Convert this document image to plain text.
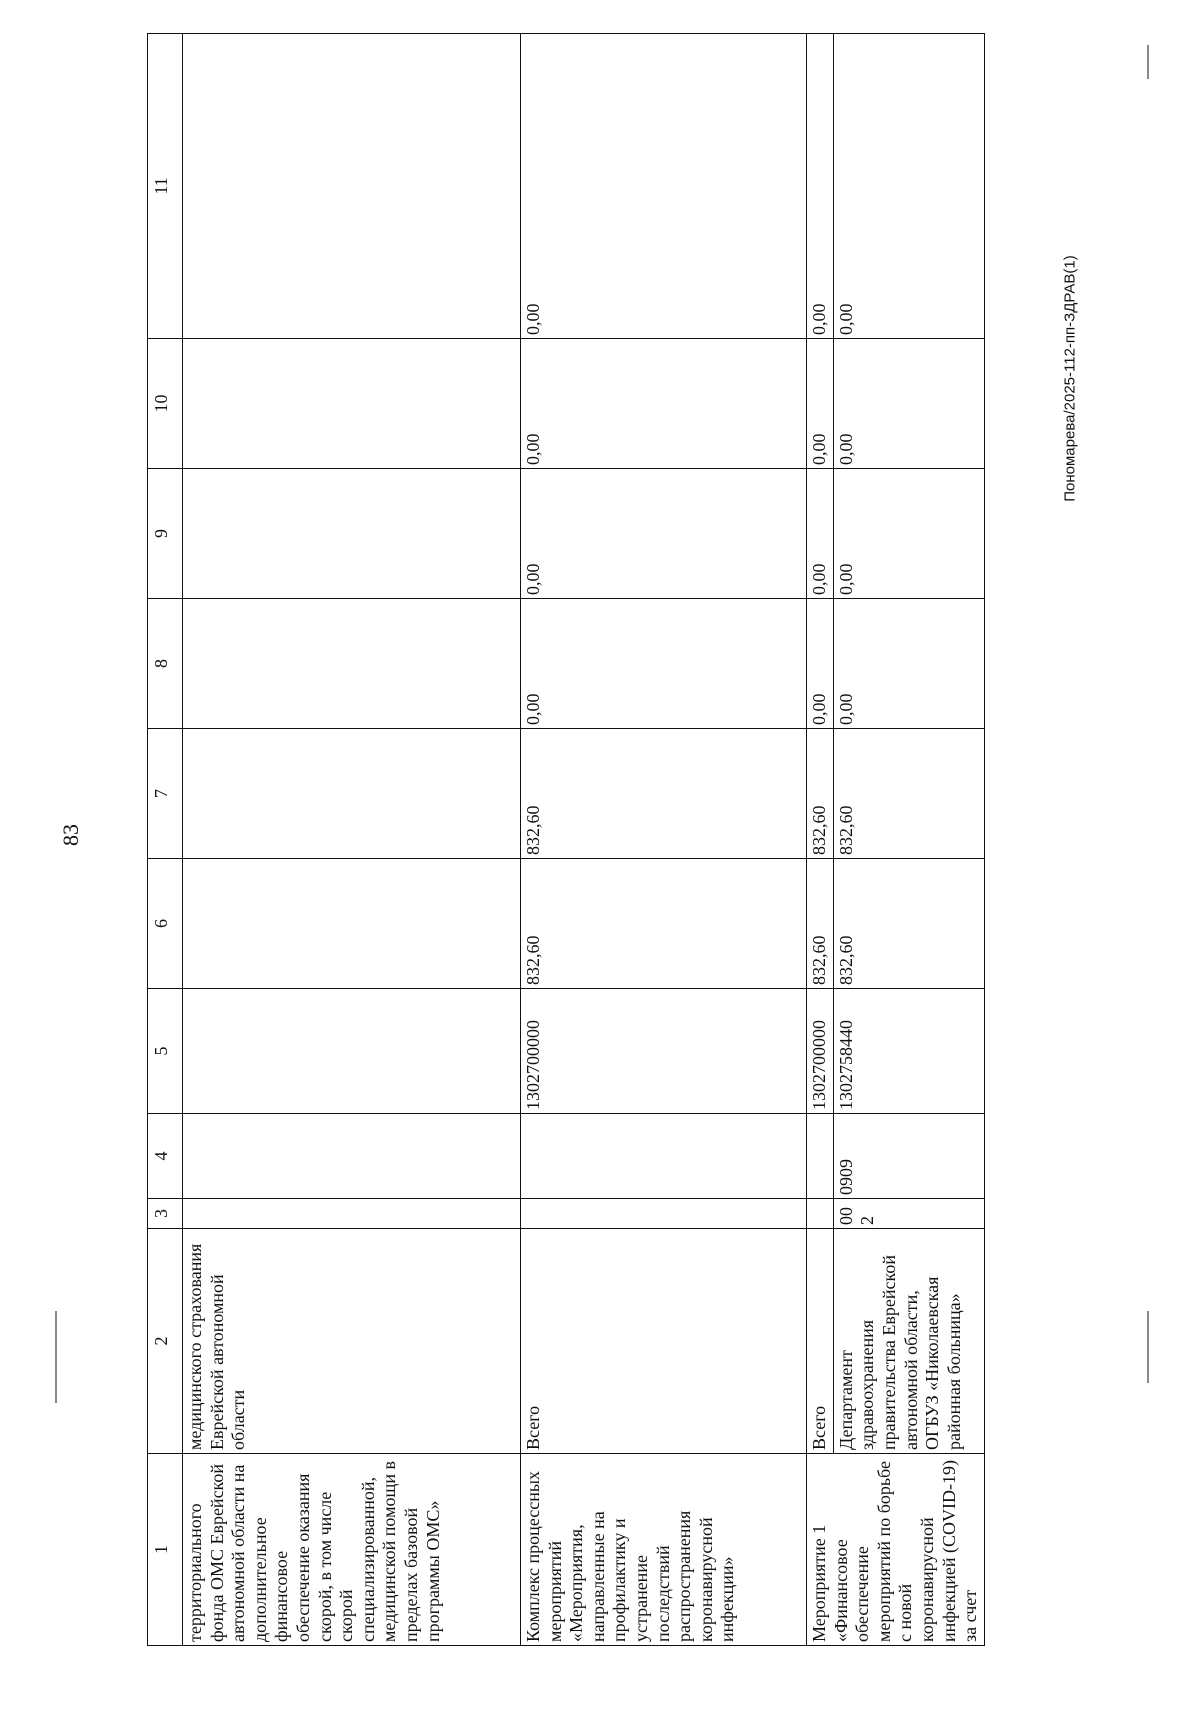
83
Пономарева/2025-112-пп-ЗДРАВ(1)
1	2	3	4	5	6	7	8	9	10	11
территориального фонда ОМС Еврейской автономной области на дополнительное финансовое обеспечение оказания скорой, в том числе скорой специализированной, медицинской помощи в пределах базовой программы ОМС»	медицинского страхования Еврейской автономной области									
Комплекс процессных мероприятий «Мероприятия, направленные на профилактику и устранение последствий распространения коронавирусной инфекции»	Всего			1302700000	832,60	832,60	0,00	0,00	0,00	0,00
Мероприятие 1 «Финансовое обеспечение мероприятий по борьбе с новой коронавирусной инфекцией (COVID-19) за счет	Всего			1302700000	832,60	832,60	0,00	0,00	0,00	0,00
	Департамент здравоохранения правительства Еврейской автономной области, ОГБУЗ «Николаевская районная больница»	002	0909	1302758440	832,60	832,60	0,00	0,00	0,00	0,00
